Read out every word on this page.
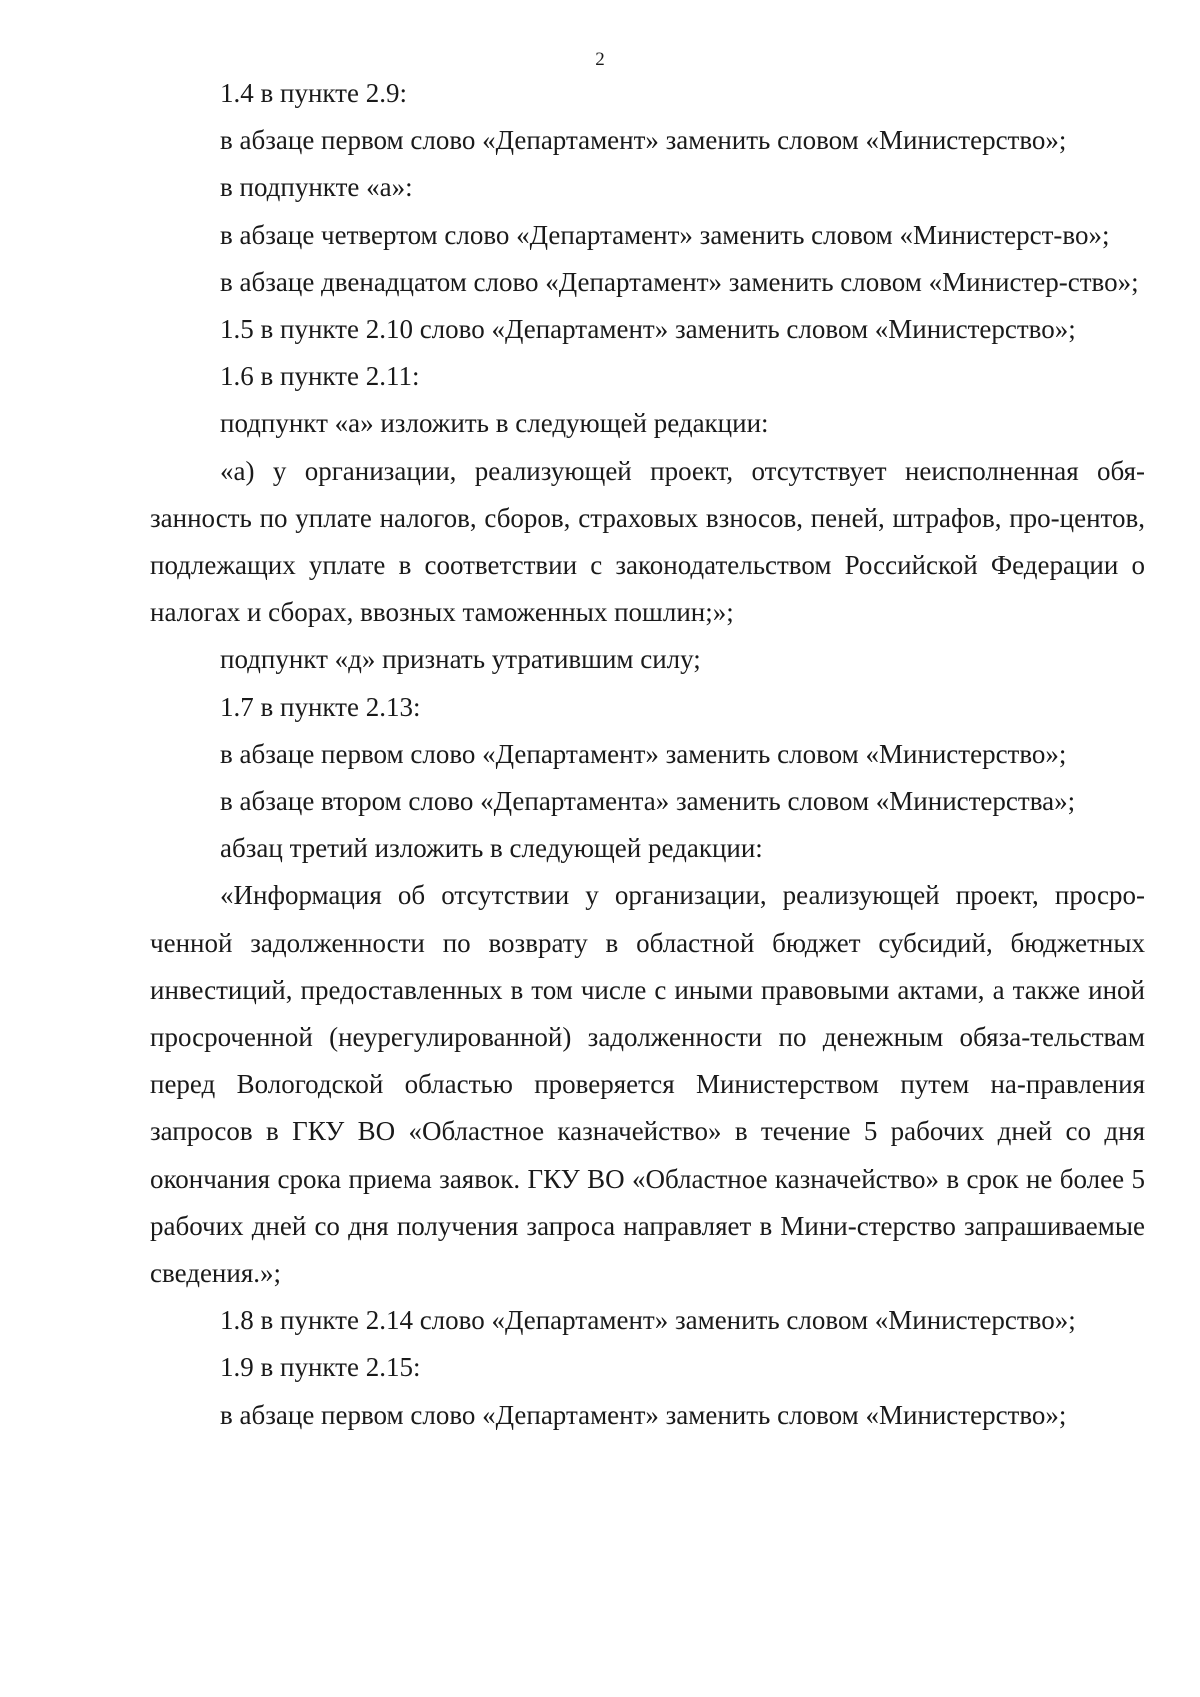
2

1.4 в пункте 2.9:

в абзаце первом слово «Департамент» заменить словом «Министерство»;

в подпункте «а»:

в абзаце четвертом слово «Департамент» заменить словом «Министерст-во»;

в абзаце двенадцатом слово «Департамент» заменить словом «Министер-ство»;

1.5 в пункте 2.10 слово «Департамент» заменить словом «Министерство»;

1.6 в пункте 2.11:

подпункт «а» изложить в следующей редакции:

«а) у организации, реализующей проект, отсутствует неисполненная обя-занность по уплате налогов, сборов, страховых взносов, пеней, штрафов, про-центов, подлежащих уплате в соответствии с законодательством Российской Федерации о налогах и сборах, ввозных таможенных пошлин;»;

подпункт «д» признать утратившим силу;

1.7 в пункте 2.13:

в абзаце первом слово «Департамент» заменить словом «Министерство»;

в абзаце втором слово «Департамента» заменить словом «Министерства»;

абзац третий изложить в следующей редакции:

«Информация об отсутствии у организации, реализующей проект, просро-ченной задолженности по возврату в областной бюджет субсидий, бюджетных инвестиций, предоставленных в том числе с иными правовыми актами, а также иной просроченной (неурегулированной) задолженности по денежным обяза-тельствам перед Вологодской областью проверяется Министерством путем на-правления запросов в ГКУ ВО «Областное казначейство» в течение 5 рабочих дней со дня окончания срока приема заявок. ГКУ ВО «Областное казначейство» в срок не более 5 рабочих дней со дня получения запроса направляет в Мини-стерство запрашиваемые сведения.»;

1.8 в пункте 2.14 слово «Департамент» заменить словом «Министерство»;

1.9 в пункте 2.15:

в абзаце первом слово «Департамент» заменить словом «Министерство»;
